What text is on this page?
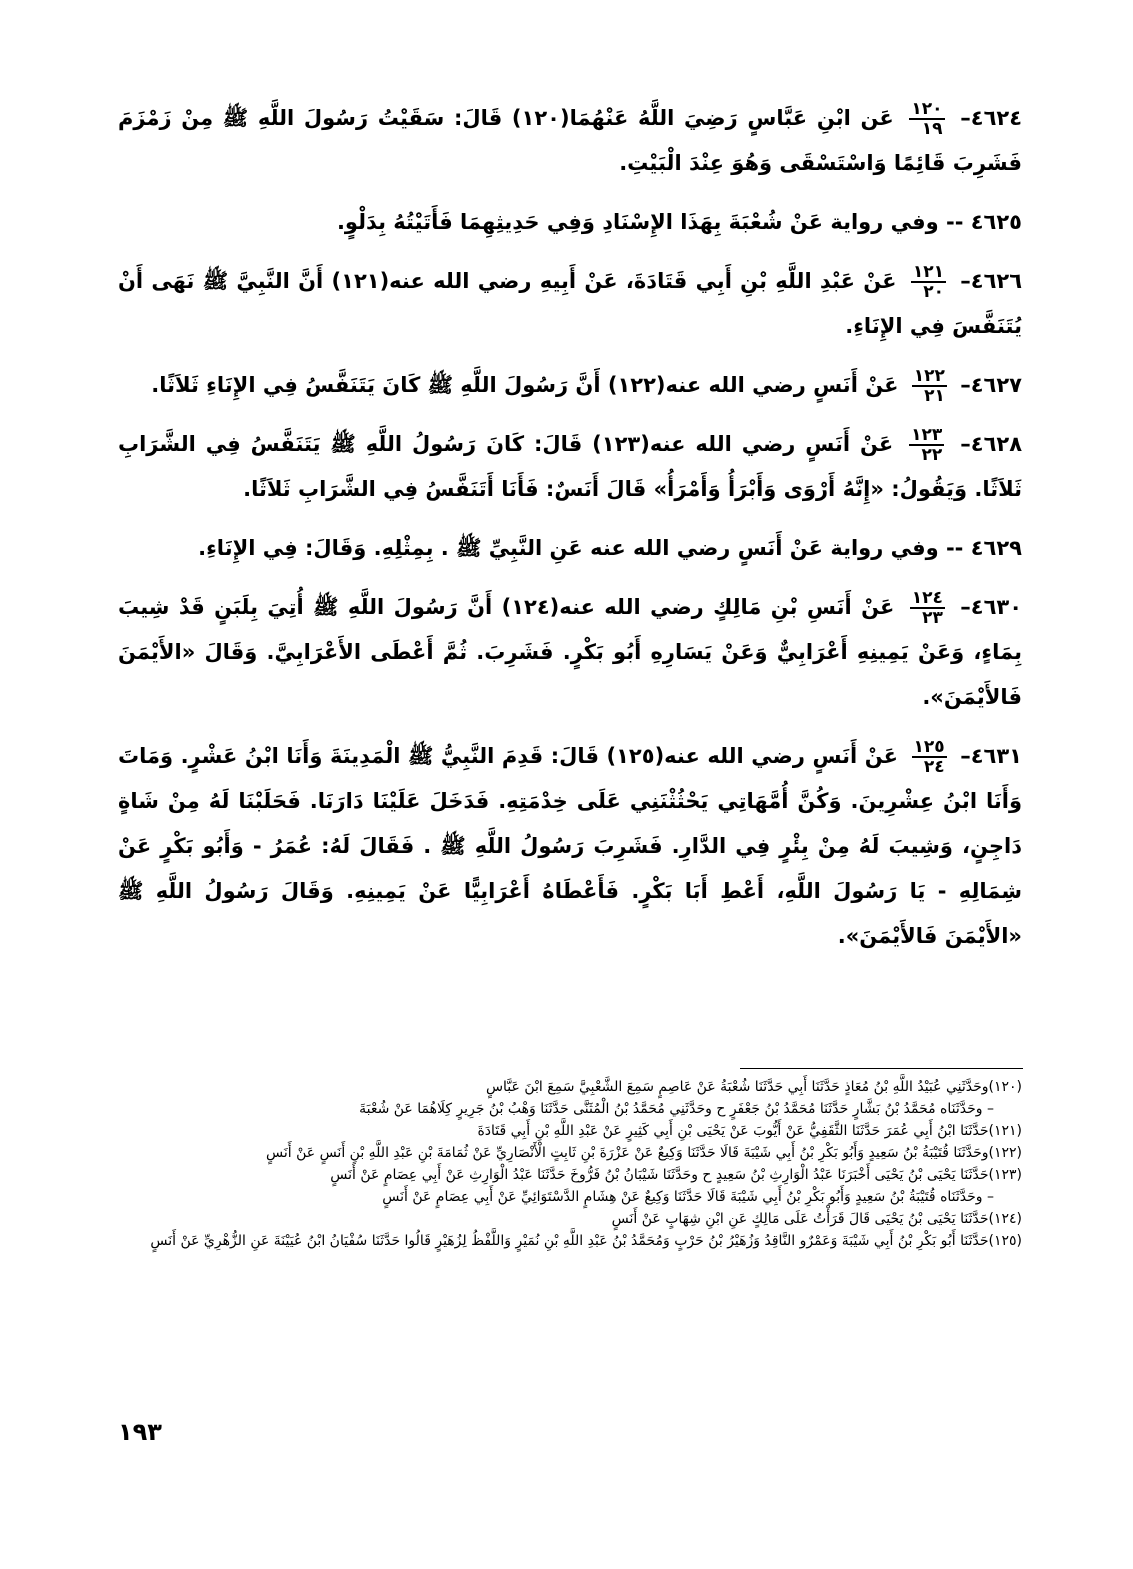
٤٦٢٤–
$\frac{١٢٠}{١٩}$
عَن ابْنِ عَبَّاسٍ رَضِيَ اللَّهُ عَنْهُمَا(١٢٠) قَالَ: سَقَيْتُ رَسُولَ اللَّهِ ﷺ مِنْ زَمْزَمَ فَشَرِبَ قَائِمًا وَاسْتَسْقَى وَهُوَ عِنْدَ الْبَيْتِ.

٤٦٢٥ -- وفي رواية عَنْ شُعْبَةَ بِهَذَا الإِسْنَادِ وَفِي حَدِيثِهِمَا فَأَتَيْتُهُ بِدَلْوٍ.

٤٦٢٦–
$\frac{١٢١}{٢٠}$
عَنْ عَبْدِ اللَّهِ بْنِ أَبِي قَتَادَةَ، عَنْ أَبِيهِ رضي الله عنه(١٢١) أَنَّ النَّبِيَّ ﷺ نَهَى أَنْ يُتَنَفَّسَ فِي الإِنَاءِ.

٤٦٢٧–
$\frac{١٢٢}{٢١}$
عَنْ أَنَسٍ رضي الله عنه(١٢٢) أَنَّ رَسُولَ اللَّهِ ﷺ كَانَ يَتَنَفَّسُ فِي الإِنَاءِ ثَلاَثًا.

٤٦٢٨–
$\frac{١٢٣}{٢٢}$
عَنْ أَنَسٍ رضي الله عنه(١٢٣) قَالَ: كَانَ رَسُولُ اللَّهِ ﷺ يَتَنَفَّسُ فِي الشَّرَابِ ثَلاَثًا. وَيَقُولُ: «إِنَّهُ أَرْوَى وَأَبْرَأُ وَأَمْرَأُ» قَالَ أَنَسٌ: فَأَنَا أَتَنَفَّسُ فِي الشَّرَابِ ثَلاَثًا.

٤٦٢٩ -- وفي رواية عَنْ أَنَسٍ رضي الله عنه عَنِ النَّبِيِّ ﷺ . بِمِثْلِهِ. وَقَالَ: فِي الإِنَاءِ.

٤٦٣٠–
$\frac{١٢٤}{٢٣}$
عَنْ أَنَسِ بْنِ مَالِكٍ رضي الله عنه(١٢٤) أَنَّ رَسُولَ اللَّهِ ﷺ أُتِيَ بِلَبَنٍ قَدْ شِيبَ بِمَاءٍ، وَعَنْ يَمِينِهِ أَعْرَابِيٌّ وَعَنْ يَسَارِهِ أَبُو بَكْرٍ. فَشَرِبَ. ثُمَّ أَعْطَى الأَعْرَابِيَّ. وَقَالَ «الأَيْمَنَ فَالأَيْمَنَ».

٤٦٣١–
$\frac{١٢٥}{٢٤}$
عَنْ أَنَسٍ رضي الله عنه(١٢٥) قَالَ: قَدِمَ النَّبِيُّ ﷺ الْمَدِينَةَ وَأَنَا ابْنُ عَشْرٍ. وَمَاتَ وَأَنَا ابْنُ عِشْرِينَ. وَكُنَّ أُمَّهَاتِي يَحْثُثْنَنِي عَلَى خِدْمَتِهِ. فَدَخَلَ عَلَيْنَا دَارَنَا. فَحَلَبْنَا لَهُ مِنْ شَاةٍ دَاجِنٍ، وَشِيبَ لَهُ مِنْ بِئْرٍ فِي الدَّارِ. فَشَرِبَ رَسُولُ اللَّهِ ﷺ . فَقَالَ لَهُ: عُمَرُ - وَأَبُو بَكْرٍ عَنْ شِمَالِهِ - يَا رَسُولَ اللَّهِ، أَعْطِ أَبَا بَكْرٍ. فَأَعْطَاهُ أَعْرَابِيًّا عَنْ يَمِينِهِ. وَقَالَ رَسُولُ اللَّهِ ﷺ «الأَيْمَنَ فَالأَيْمَنَ».

(١٢٠)وحَدَّثَنِي عُبَيْدُ اللَّهِ بْنُ مُعَاذٍ حَدَّثَنَا أَبِي حَدَّثَنَا شُعْبَةُ عَنْ عَاصِمٍ سَمِعَ الشَّعْبِيَّ سَمِعَ ابْنَ عَبَّاسٍ

– وحَدَّثَنَاه مُحَمَّدُ بْنُ بَشَّارٍ حَدَّثَنَا مُحَمَّدُ بْنُ جَعْفَرٍ ح وحَدَّثَنِي مُحَمَّدُ بْنُ الْمُثَنَّى حَدَّثَنَا وَهْبُ بْنُ جَرِيرٍ كِلَاهُمَا عَنْ شُعْبَةَ

(١٢١)حَدَّثَنَا ابْنُ أَبِي عُمَرَ حَدَّثَنَا الثَّقَفِيُّ عَنْ أَيُّوبَ عَنْ يَحْيَى بْنِ أَبِي كَثِيرٍ عَنْ عَبْدِ اللَّهِ بْنِ أَبِي قَتَادَةَ

(١٢٢)وحَدَّثَنَا قُتَيْبَةُ بْنُ سَعِيدٍ وَأَبُو بَكْرِ بْنُ أَبِي شَيْبَةَ قَالَا حَدَّثَنَا وَكِيعٌ عَنْ عَزْرَةَ بْنِ ثَابِتٍ الْأَنْصَارِيِّ عَنْ ثُمَامَةَ بْنِ عَبْدِ اللَّهِ بْنِ أَنَسٍ عَنْ أَنَسٍ

(١٢٣)حَدَّثَنَا يَحْيَى بْنُ يَحْيَى أَخْبَرَنَا عَبْدُ الْوَارِثِ بْنُ سَعِيدٍ ح وحَدَّثَنَا شَيْبَانُ بْنُ فَرُّوخَ حَدَّثَنَا عَبْدُ الْوَارِثِ عَنْ أَبِي عِصَامٍ عَنْ أَنَسٍ

– وحَدَّثَنَاه قُتَيْبَةُ بْنُ سَعِيدٍ وَأَبُو بَكْرِ بْنُ أَبِي شَيْبَةَ قَالَا حَدَّثَنَا وَكِيعٌ عَنْ هِشَامٍ الدَّسْتَوَائِيِّ عَنْ أَبِي عِصَامٍ عَنْ أَنَسٍ

(١٢٤)حَدَّثَنَا يَحْيَى بْنُ يَحْيَى قَالَ قَرَأْتُ عَلَى مَالِكٍ عَنِ ابْنِ شِهَابٍ عَنْ أَنَسٍ

(١٢٥)حَدَّثَنَا أَبُو بَكْرِ بْنُ أَبِي شَيْبَةَ وَعَمْرٌو النَّاقِدُ وَزُهَيْرُ بْنُ حَرْبٍ وَمُحَمَّدُ بْنُ عَبْدِ اللَّهِ بْنِ نُمَيْرٍ وَاللَّفْظُ لِزُهَيْرٍ قَالُوا حَدَّثَنَا سُفْيَانُ ابْنُ عُيَيْنَةَ عَنِ الزُّهْرِيِّ عَنْ أَنَسٍ

١٩٣
